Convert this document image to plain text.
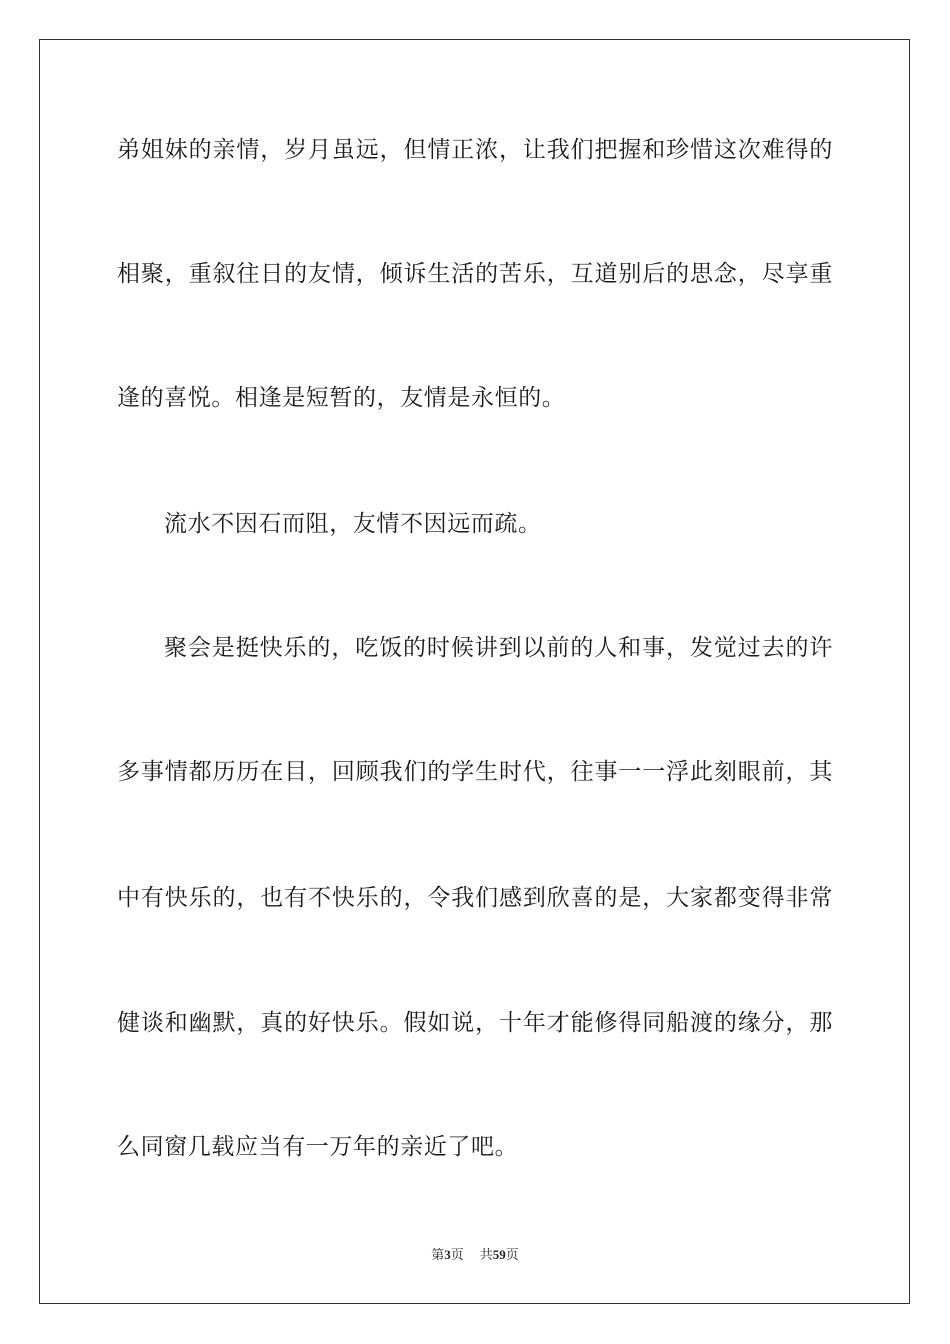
弟姐妹的亲情，岁月虽远，但情正浓，让我们把握和珍惜这次难得的
相聚，重叙往日的友情，倾诉生活的苦乐，互道别后的思念，尽享重
逢的喜悦。相逢是短暂的，友情是永恒的。
流水不因石而阻，友情不因远而疏。
聚会是挺快乐的，吃饭的时候讲到以前的人和事，发觉过去的许
多事情都历历在目，回顾我们的学生时代，往事一一浮此刻眼前，其
中有快乐的，也有不快乐的，令我们感到欣喜的是，大家都变得非常
健谈和幽默，真的好快乐。假如说，十年才能修得同船渡的缘分，那
么同窗几载应当有一万年的亲近了吧。
第3页 共59页
